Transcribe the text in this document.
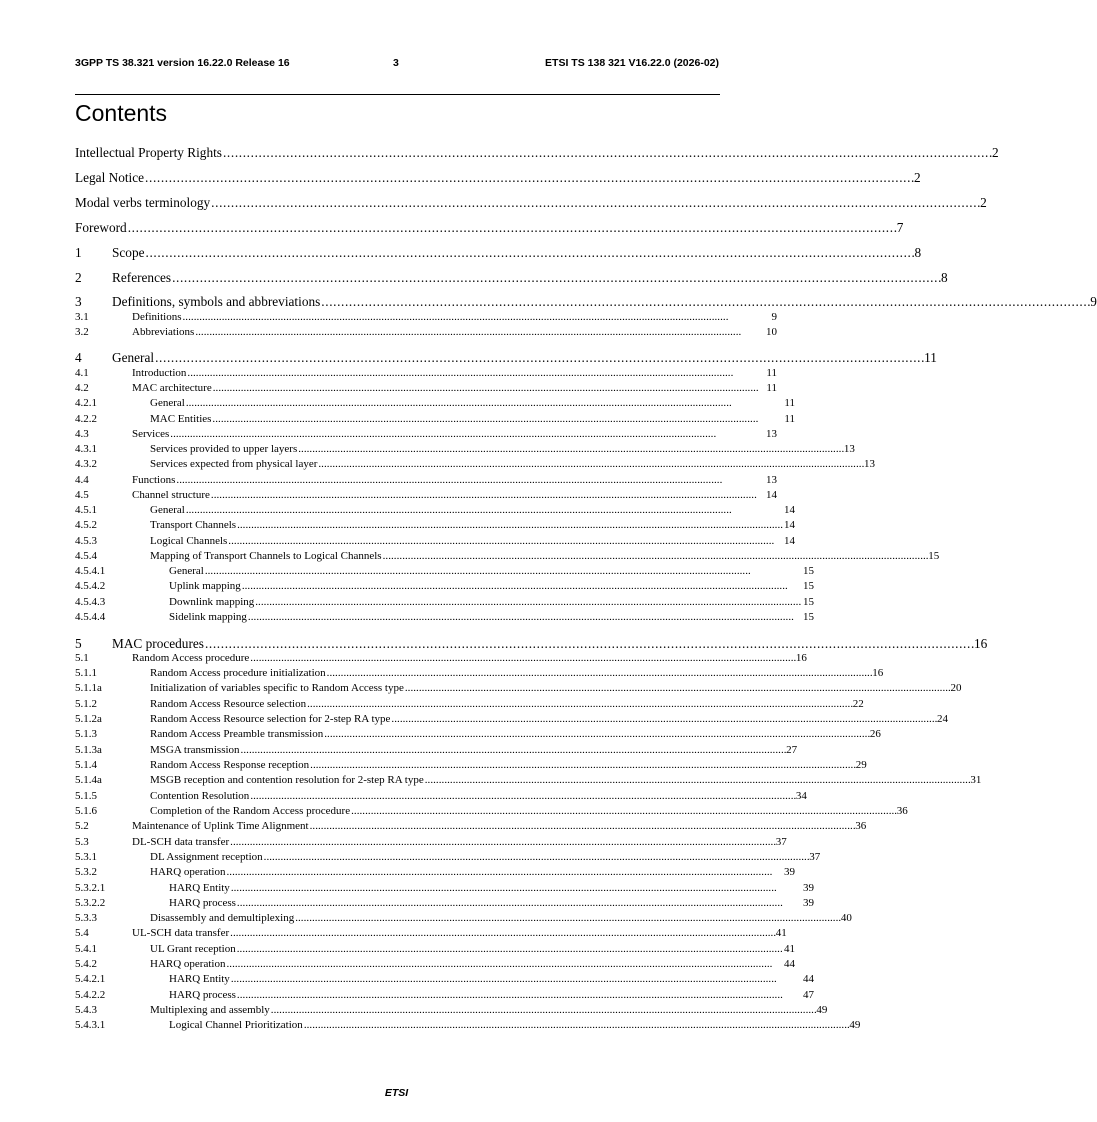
3GPP TS 38.321 version 16.22.0 Release 16	3	ETSI TS 138 321 V16.22.0 (2026-02)
Contents
Intellectual Property Rights . . .	2
Legal Notice . . .	2
Modal verbs terminology . . .	2
Foreword . . .	7
1 Scope . . .	8
2 References . . .	8
3 Definitions, symbols and abbreviations . . .	9
3.1	Definitions . . .	9
3.2	Abbreviations . . .	10
4 General . . .	11
4.1	Introduction . . .	11
4.2	MAC architecture . . .	11
4.2.1	General . . .	11
4.2.2	MAC Entities . . .	11
4.3	Services . . .	13
4.3.1	Services provided to upper layers . . .	13
4.3.2	Services expected from physical layer . . .	13
4.4	Functions . . .	13
4.5	Channel structure . . .	14
4.5.1	General . . .	14
4.5.2	Transport Channels . . .	14
4.5.3	Logical Channels . . .	14
4.5.4	Mapping of Transport Channels to Logical Channels . . .	15
4.5.4.1	General . . .	15
4.5.4.2	Uplink mapping . . .	15
4.5.4.3	Downlink mapping . . .	15
4.5.4.4	Sidelink mapping . . .	15
5 MAC procedures . . .	16
5.1	Random Access procedure . . .	16
5.1.1	Random Access procedure initialization . . .	16
5.1.1a	Initialization of variables specific to Random Access type . . .	20
5.1.2	Random Access Resource selection . . .	22
5.1.2a	Random Access Resource selection for 2-step RA type . . .	24
5.1.3	Random Access Preamble transmission . . .	26
5.1.3a	MSGA transmission . . .	27
5.1.4	Random Access Response reception . . .	29
5.1.4a	MSGB reception and contention resolution for 2-step RA type . . .	31
5.1.5	Contention Resolution . . .	34
5.1.6	Completion of the Random Access procedure . . .	36
5.2	Maintenance of Uplink Time Alignment . . .	36
5.3	DL-SCH data transfer . . .	37
5.3.1	DL Assignment reception . . .	37
5.3.2	HARQ operation . . .	39
5.3.2.1	HARQ Entity . . .	39
5.3.2.2	HARQ process . . .	39
5.3.3	Disassembly and demultiplexing . . .	40
5.4	UL-SCH data transfer . . .	41
5.4.1	UL Grant reception . . .	41
5.4.2	HARQ operation . . .	44
5.4.2.1	HARQ Entity . . .	44
5.4.2.2	HARQ process . . .	47
5.4.3	Multiplexing and assembly . . .	49
5.4.3.1	Logical Channel Prioritization . . .	49
ETSI
